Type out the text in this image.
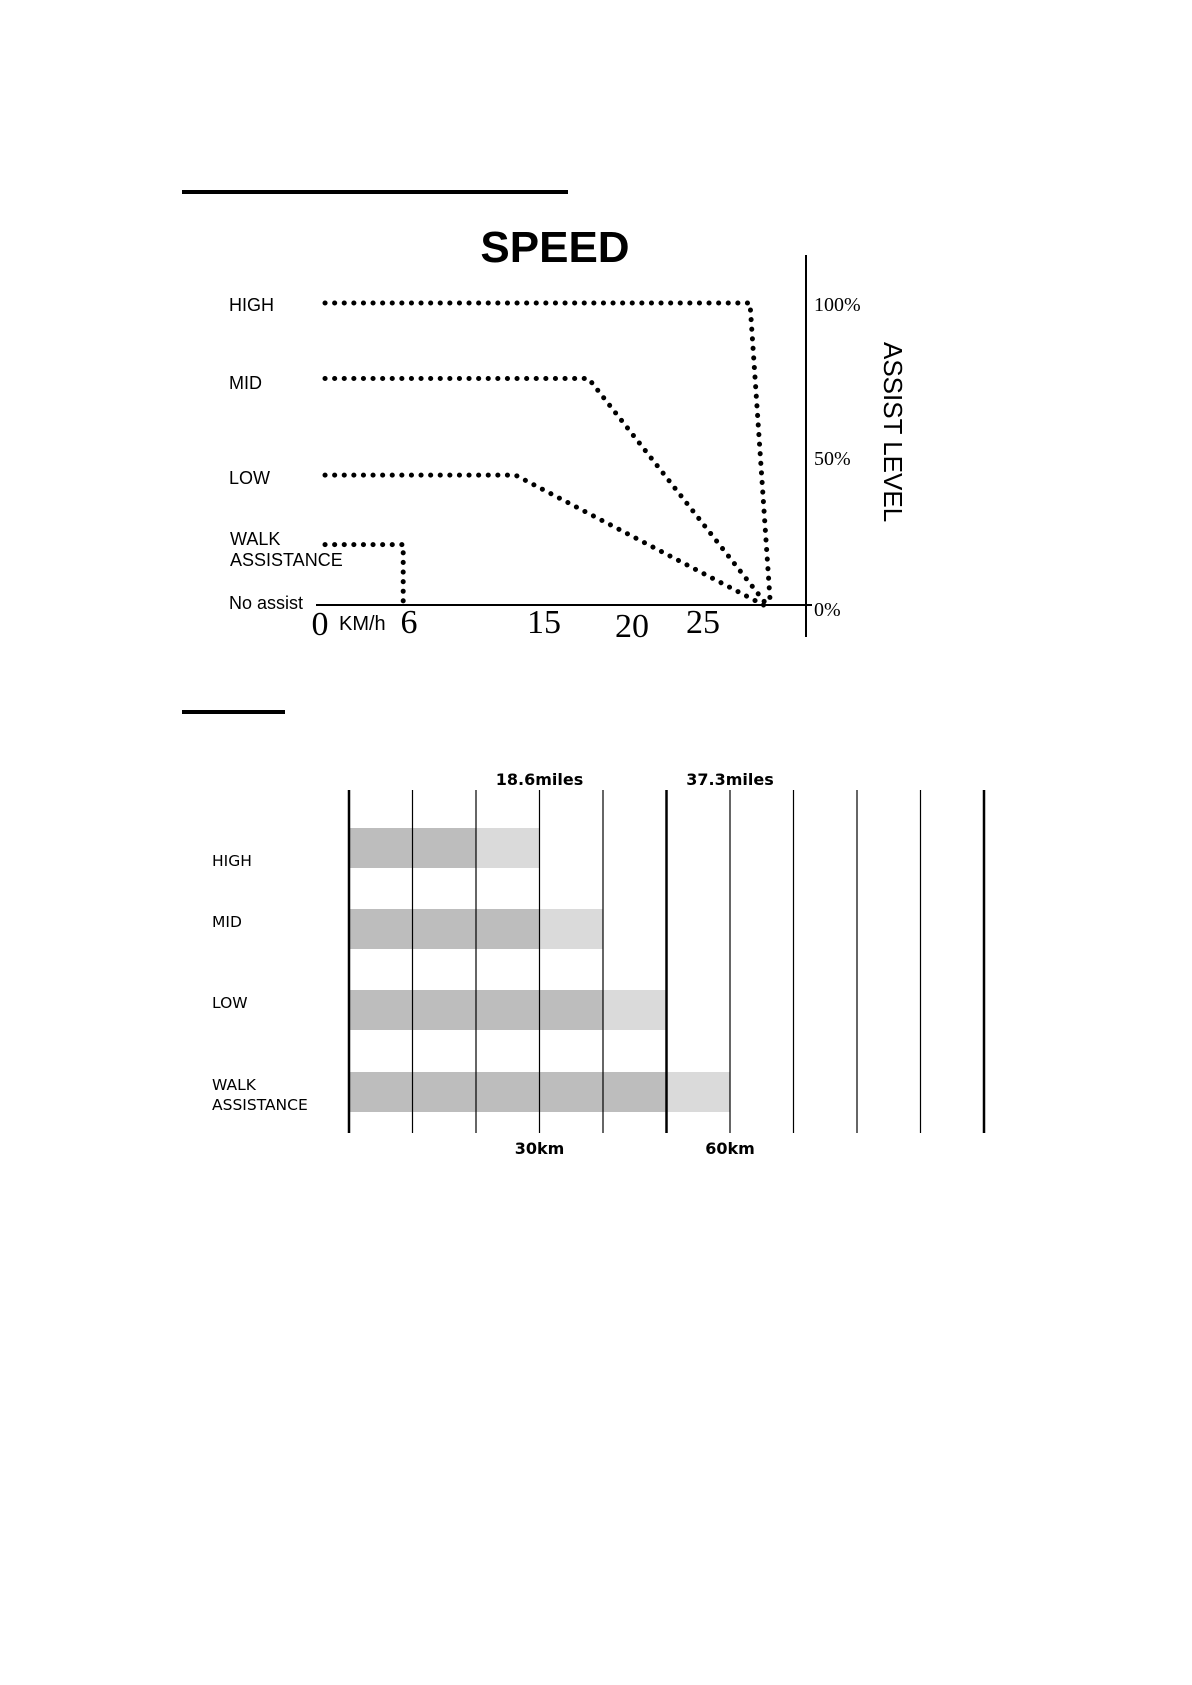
SPEED
HIGH
MID
LOW
WALK ASSISTANCE
No assist
0 6	15 20 25
KM/h
100%
50%
0%
ASSIST LEVEL
HIGH
MID
LOW
WALK ASSISTANCE
18.6miles	37.3miles
30km	60km
